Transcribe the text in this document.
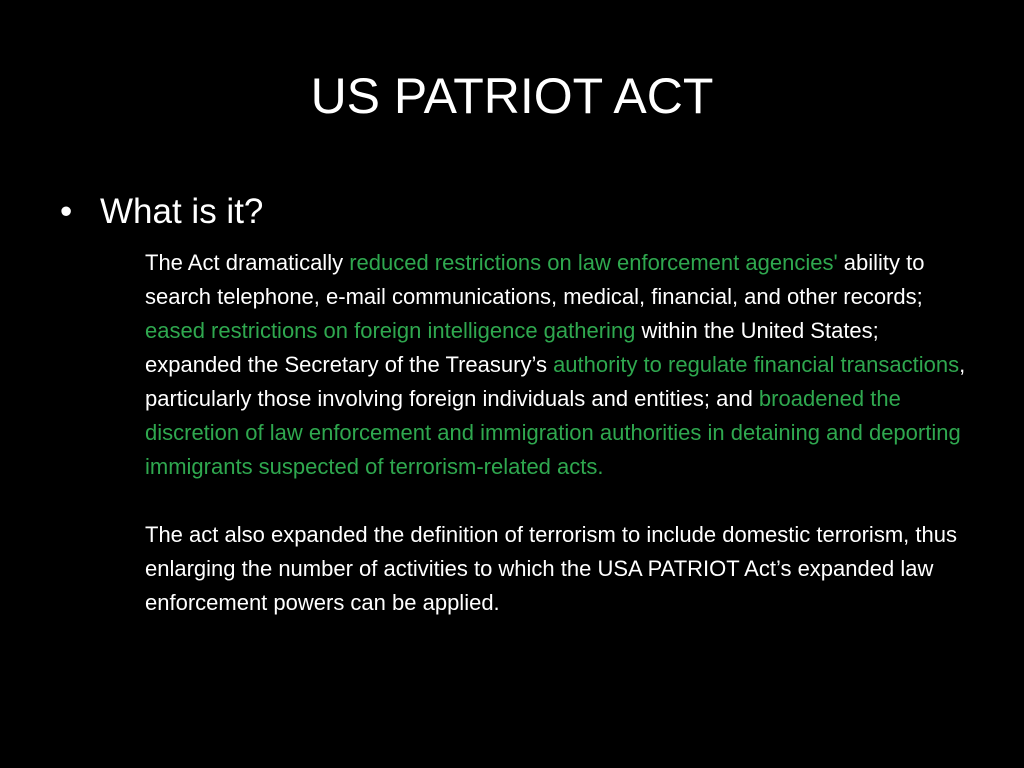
US PATRIOT ACT
• What is it?

The Act dramatically reduced restrictions on law enforcement agencies' ability to search telephone, e-mail communications, medical, financial, and other records; eased restrictions on foreign intelligence gathering within the United States; expanded the Secretary of the Treasury’s authority to regulate financial transactions, particularly those involving foreign individuals and entities; and broadened the discretion of law enforcement and immigration authorities in detaining and deporting immigrants suspected of terrorism-related acts.

The act also expanded the definition of terrorism to include domestic terrorism, thus enlarging the number of activities to which the USA PATRIOT Act’s expanded law enforcement powers can be applied.
